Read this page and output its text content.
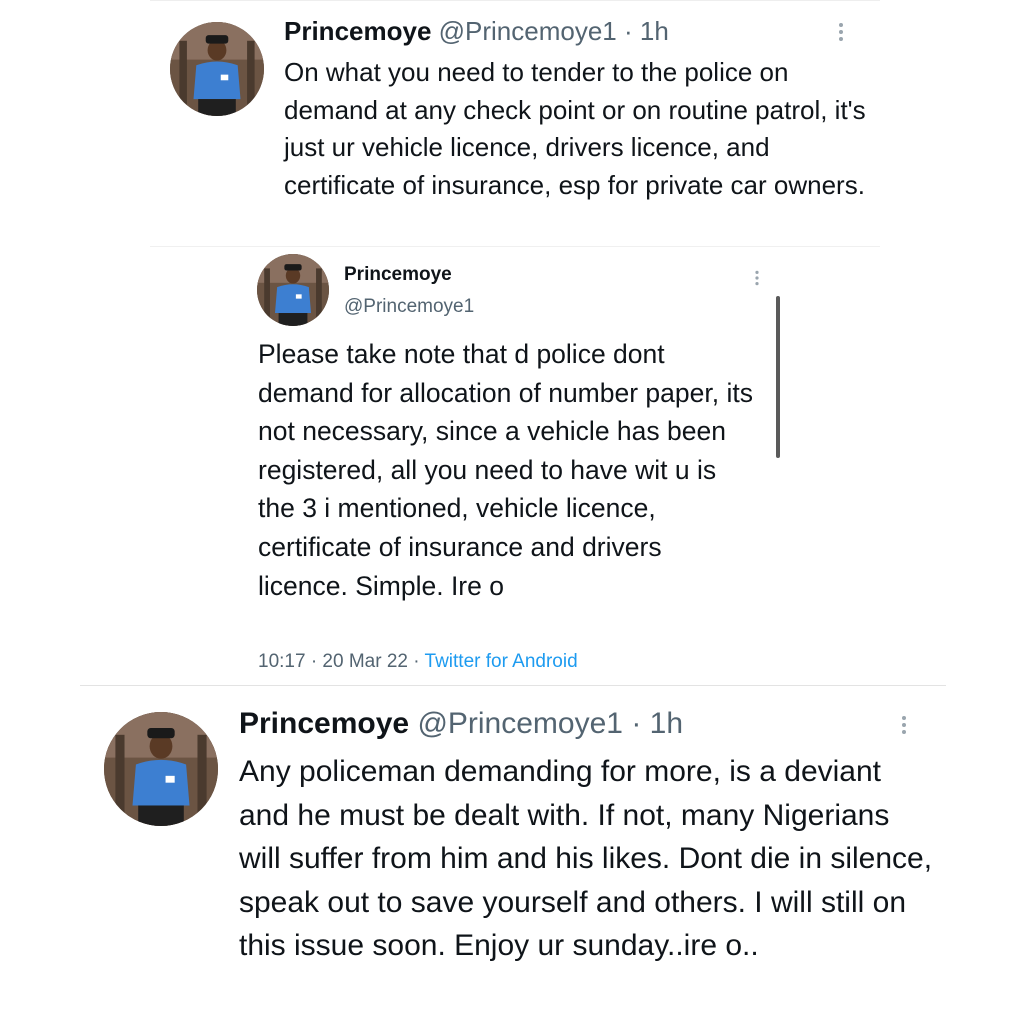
Princemoye @Princemoye1 · 1h
On what you need to tender to the police on demand at any check point or on routine patrol, it's just ur vehicle licence, drivers licence, and certificate of insurance, esp for private car owners.
Princemoye
@Princemoye1
Please take note that d police dont demand for allocation of number paper, its not necessary, since a vehicle has been registered, all you need to have wit u is the 3 i mentioned, vehicle licence, certificate of insurance and drivers licence. Simple. Ire o
10:17 · 20 Mar 22 · Twitter for Android
Princemoye @Princemoye1 · 1h
Any policeman demanding for more, is a deviant and he must be dealt with. If not, many Nigerians will suffer from him and his likes. Dont die in silence, speak out to save yourself and others. I will still on this issue soon. Enjoy ur sunday..ire o..
